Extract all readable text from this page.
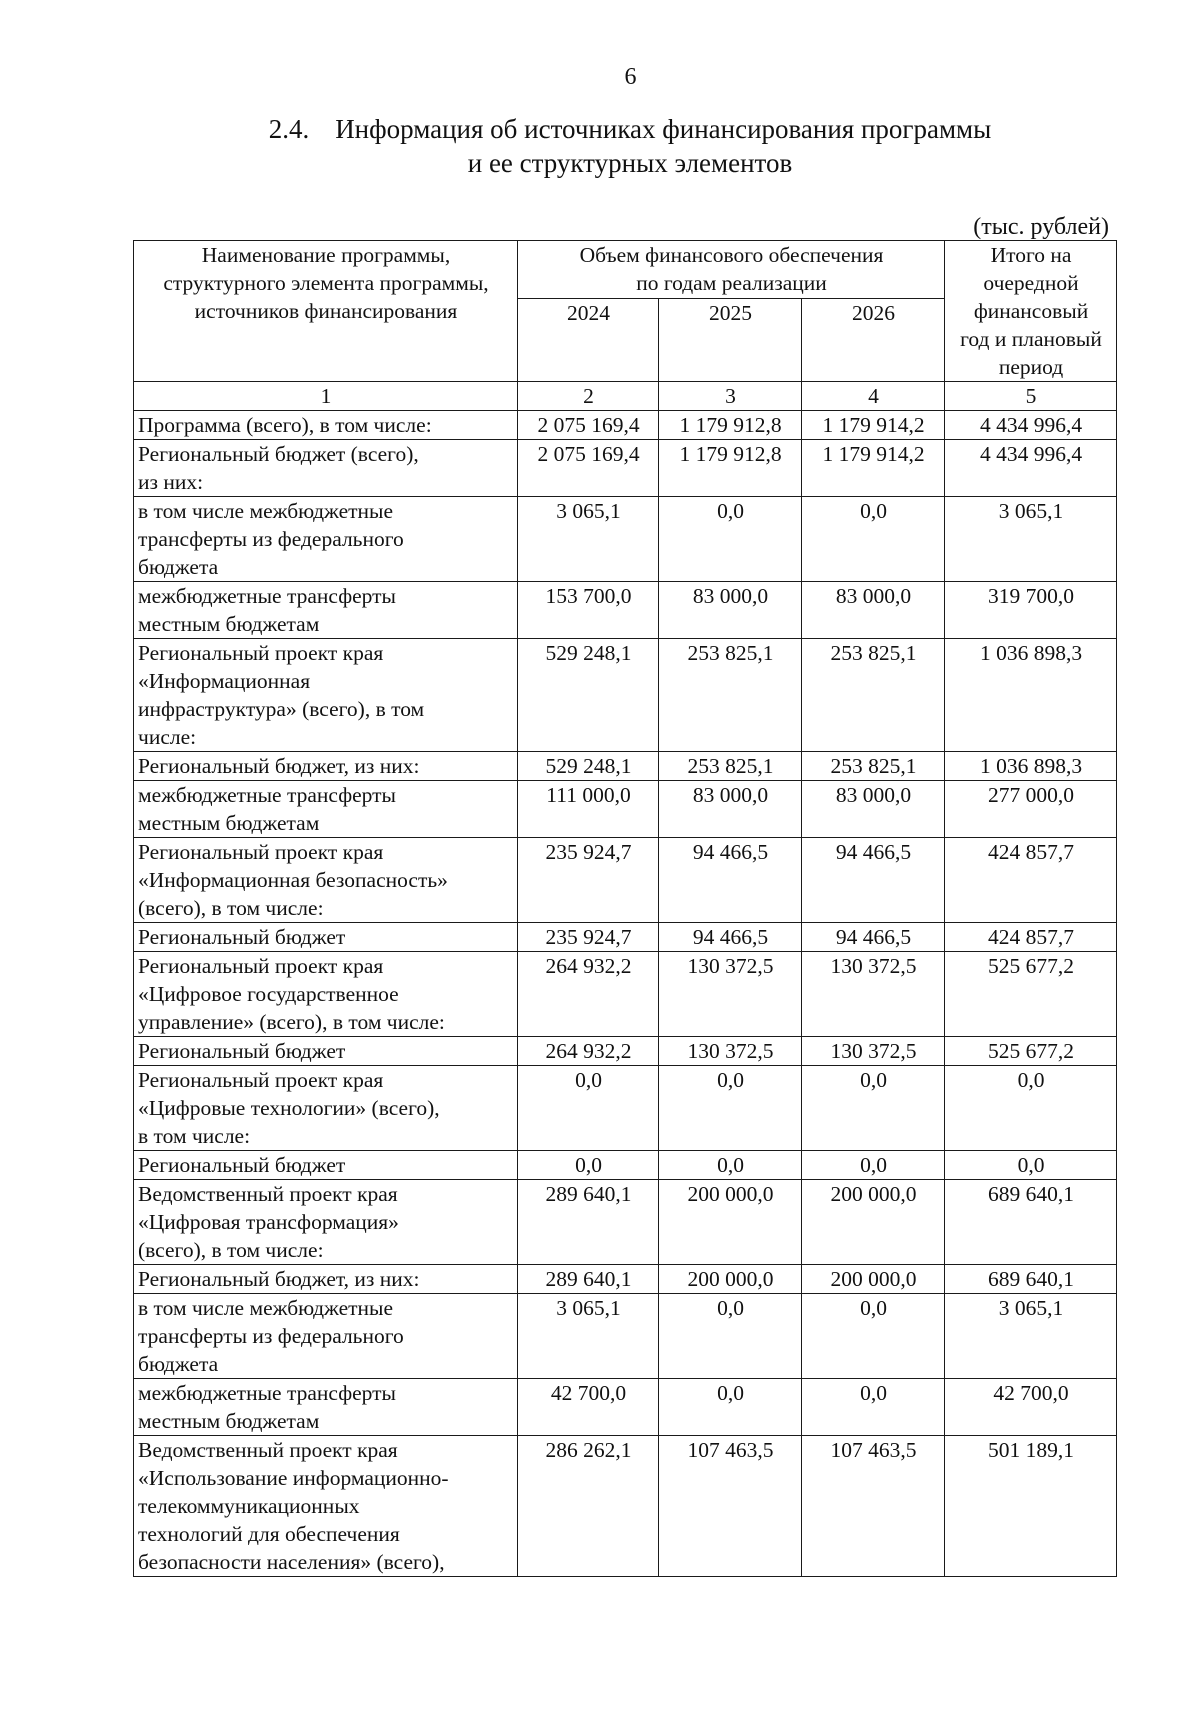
6
2.4. Информация об источниках финансирования программы
и ее структурных элементов
(тыс. рублей)
Наименование программы,
структурного элемента программы,
источников финансирования	Объем финансового обеспечения
по годам реализации			Итого на
очередной
финансовый
год и плановый
период
	2024	2025	2026	
1	2	3	4	5
Программа (всего), в том числе:	2 075 169,4	1 179 912,8	1 179 914,2	4 434 996,4
Региональный бюджет (всего),
из них:	2 075 169,4	1 179 912,8	1 179 914,2	4 434 996,4
в том числе межбюджетные
трансферты из федерального
бюджета	3 065,1	0,0	0,0	3 065,1
межбюджетные трансферты
местным бюджетам	153 700,0	83 000,0	83 000,0	319 700,0
Региональный проект края
«Информационная
инфраструктура» (всего), в том
числе:	529 248,1	253 825,1	253 825,1	1 036 898,3
Региональный бюджет, из них:	529 248,1	253 825,1	253 825,1	1 036 898,3
межбюджетные трансферты
местным бюджетам	111 000,0	83 000,0	83 000,0	277 000,0
Региональный проект края
«Информационная безопасность»
(всего), в том числе:	235 924,7	94 466,5	94 466,5	424 857,7
Региональный бюджет	235 924,7	94 466,5	94 466,5	424 857,7
Региональный проект края
«Цифровое государственное
управление» (всего), в том числе:	264 932,2	130 372,5	130 372,5	525 677,2
Региональный бюджет	264 932,2	130 372,5	130 372,5	525 677,2
Региональный проект края
«Цифровые технологии» (всего),
в том числе:	0,0	0,0	0,0	0,0
Региональный бюджет	0,0	0,0	0,0	0,0
Ведомственный проект края
«Цифровая трансформация»
(всего), в том числе:	289 640,1	200 000,0	200 000,0	689 640,1
Региональный бюджет, из них:	289 640,1	200 000,0	200 000,0	689 640,1
в том числе межбюджетные
трансферты из федерального
бюджета	3 065,1	0,0	0,0	3 065,1
межбюджетные трансферты
местным бюджетам	42 700,0	0,0	0,0	42 700,0
Ведомственный проект края
«Использование информационно-
телекоммуникационных
технологий для обеспечения
безопасности населения» (всего),	286 262,1	107 463,5	107 463,5	501 189,1
